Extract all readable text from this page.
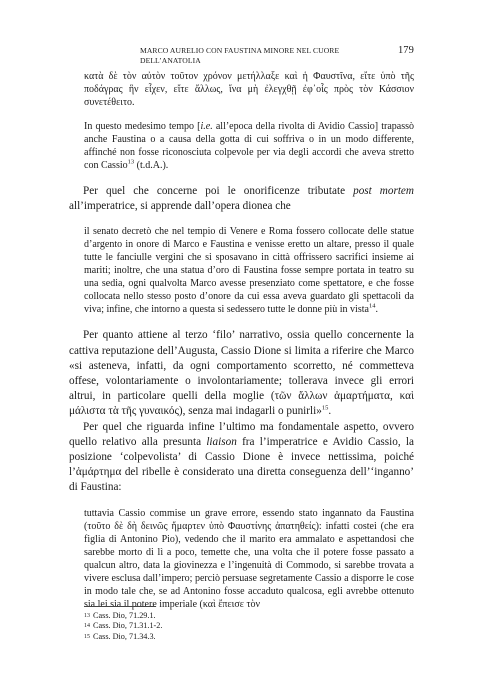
MARCO AURELIO CON FAUSTINA MINORE NEL CUORE DELL’ANATOLIA
179

κατὰ δὲ τὸν αὐτὸν τοῦτον χρόνον μετήλλαξε καὶ ἡ Φαυστῖνα, εἴτε ὑπὸ τῆς ποδάγρας ἣν εἶχεν, εἴτε ἄλλως, ἵνα μὴ ἐλεγχθῇ ἐφ᾽οἷς πρὸς τὸν Κάσσιον συνετέθειτο.

In questo medesimo tempo [i.e. all’epoca della rivolta di Avidio Cassio] trapassò anche Faustina o a causa della gotta di cui soffriva o in un modo differente, affinché non fosse riconosciuta colpevole per via degli accordi che aveva stretto con Cassio$^{13}$ (t.d.A.).

Per quel che concerne poi le onorificenze tributate post mortem all’imperatrice, si apprende dall’opera dionea che

il senato decretò che nel tempio di Venere e Roma fossero collocate delle statue d’argento in onore di Marco e Faustina e venisse eretto un altare, presso il quale tutte le fanciulle vergini che si sposavano in città offrissero sacrifici insieme ai mariti; inoltre, che una statua d’oro di Faustina fosse sempre portata in teatro su una sedia, ogni qualvolta Marco avesse presenziato come spettatore, e che fosse collocata nello stesso posto d’onore da cui essa aveva guardato gli spettacoli da viva; infine, che intorno a questa si sedessero tutte le donne più in vista$^{14}$.

Per quanto attiene al terzo ‘filo’ narrativo, ossia quello concernente la cattiva reputazione dell’Augusta, Cassio Dione si limita a riferire che Marco «si asteneva, infatti, da ogni comportamento scorretto, né commetteva offese, volontariamente o involontariamente; tollerava invece gli errori altrui, in particolare quelli della moglie (τῶν ἄλλων ἁμαρτήματα, καὶ μάλιστα τὰ τῆς γυναικός), senza mai indagarli o punirli»$^{15}$.

Per quel che riguarda infine l’ultimo ma fondamentale aspetto, ovvero quello relativo alla presunta liaison fra l’imperatrice e Avidio Cassio, la posizione ‘colpevolista’ di Cassio Dione è invece nettissima, poiché l’ἁμάρτημα del ribelle è considerato una diretta conseguenza dell’‘inganno’ di Faustina:

tuttavia Cassio commise un grave errore, essendo stato ingannato da Faustina (τοῦτο δὲ δὴ δεινῶς ἥμαρτεν ὑπὸ Φαυστίνης ἀπατηθείς): infatti costei (che era figlia di Antonino Pio), vedendo che il marito era ammalato e aspettandosi che sarebbe morto di lì a poco, temette che, una volta che il potere fosse passato a qualcun altro, data la giovinezza e l’ingenuità di Commodo, si sarebbe trovata a vivere esclusa dall’impero; perciò persuase segretamente Cassio a disporre le cose in modo tale che, se ad Antonino fosse accaduto qualcosa, egli avrebbe ottenuto sia lei sia il potere imperiale (καὶ ἔπεισε τὸν

$^{13}$ Cass. Dio, 71.29.1.
$^{14}$ Cass. Dio, 71.31.1-2.
$^{15}$ Cass. Dio, 71.34.3.
